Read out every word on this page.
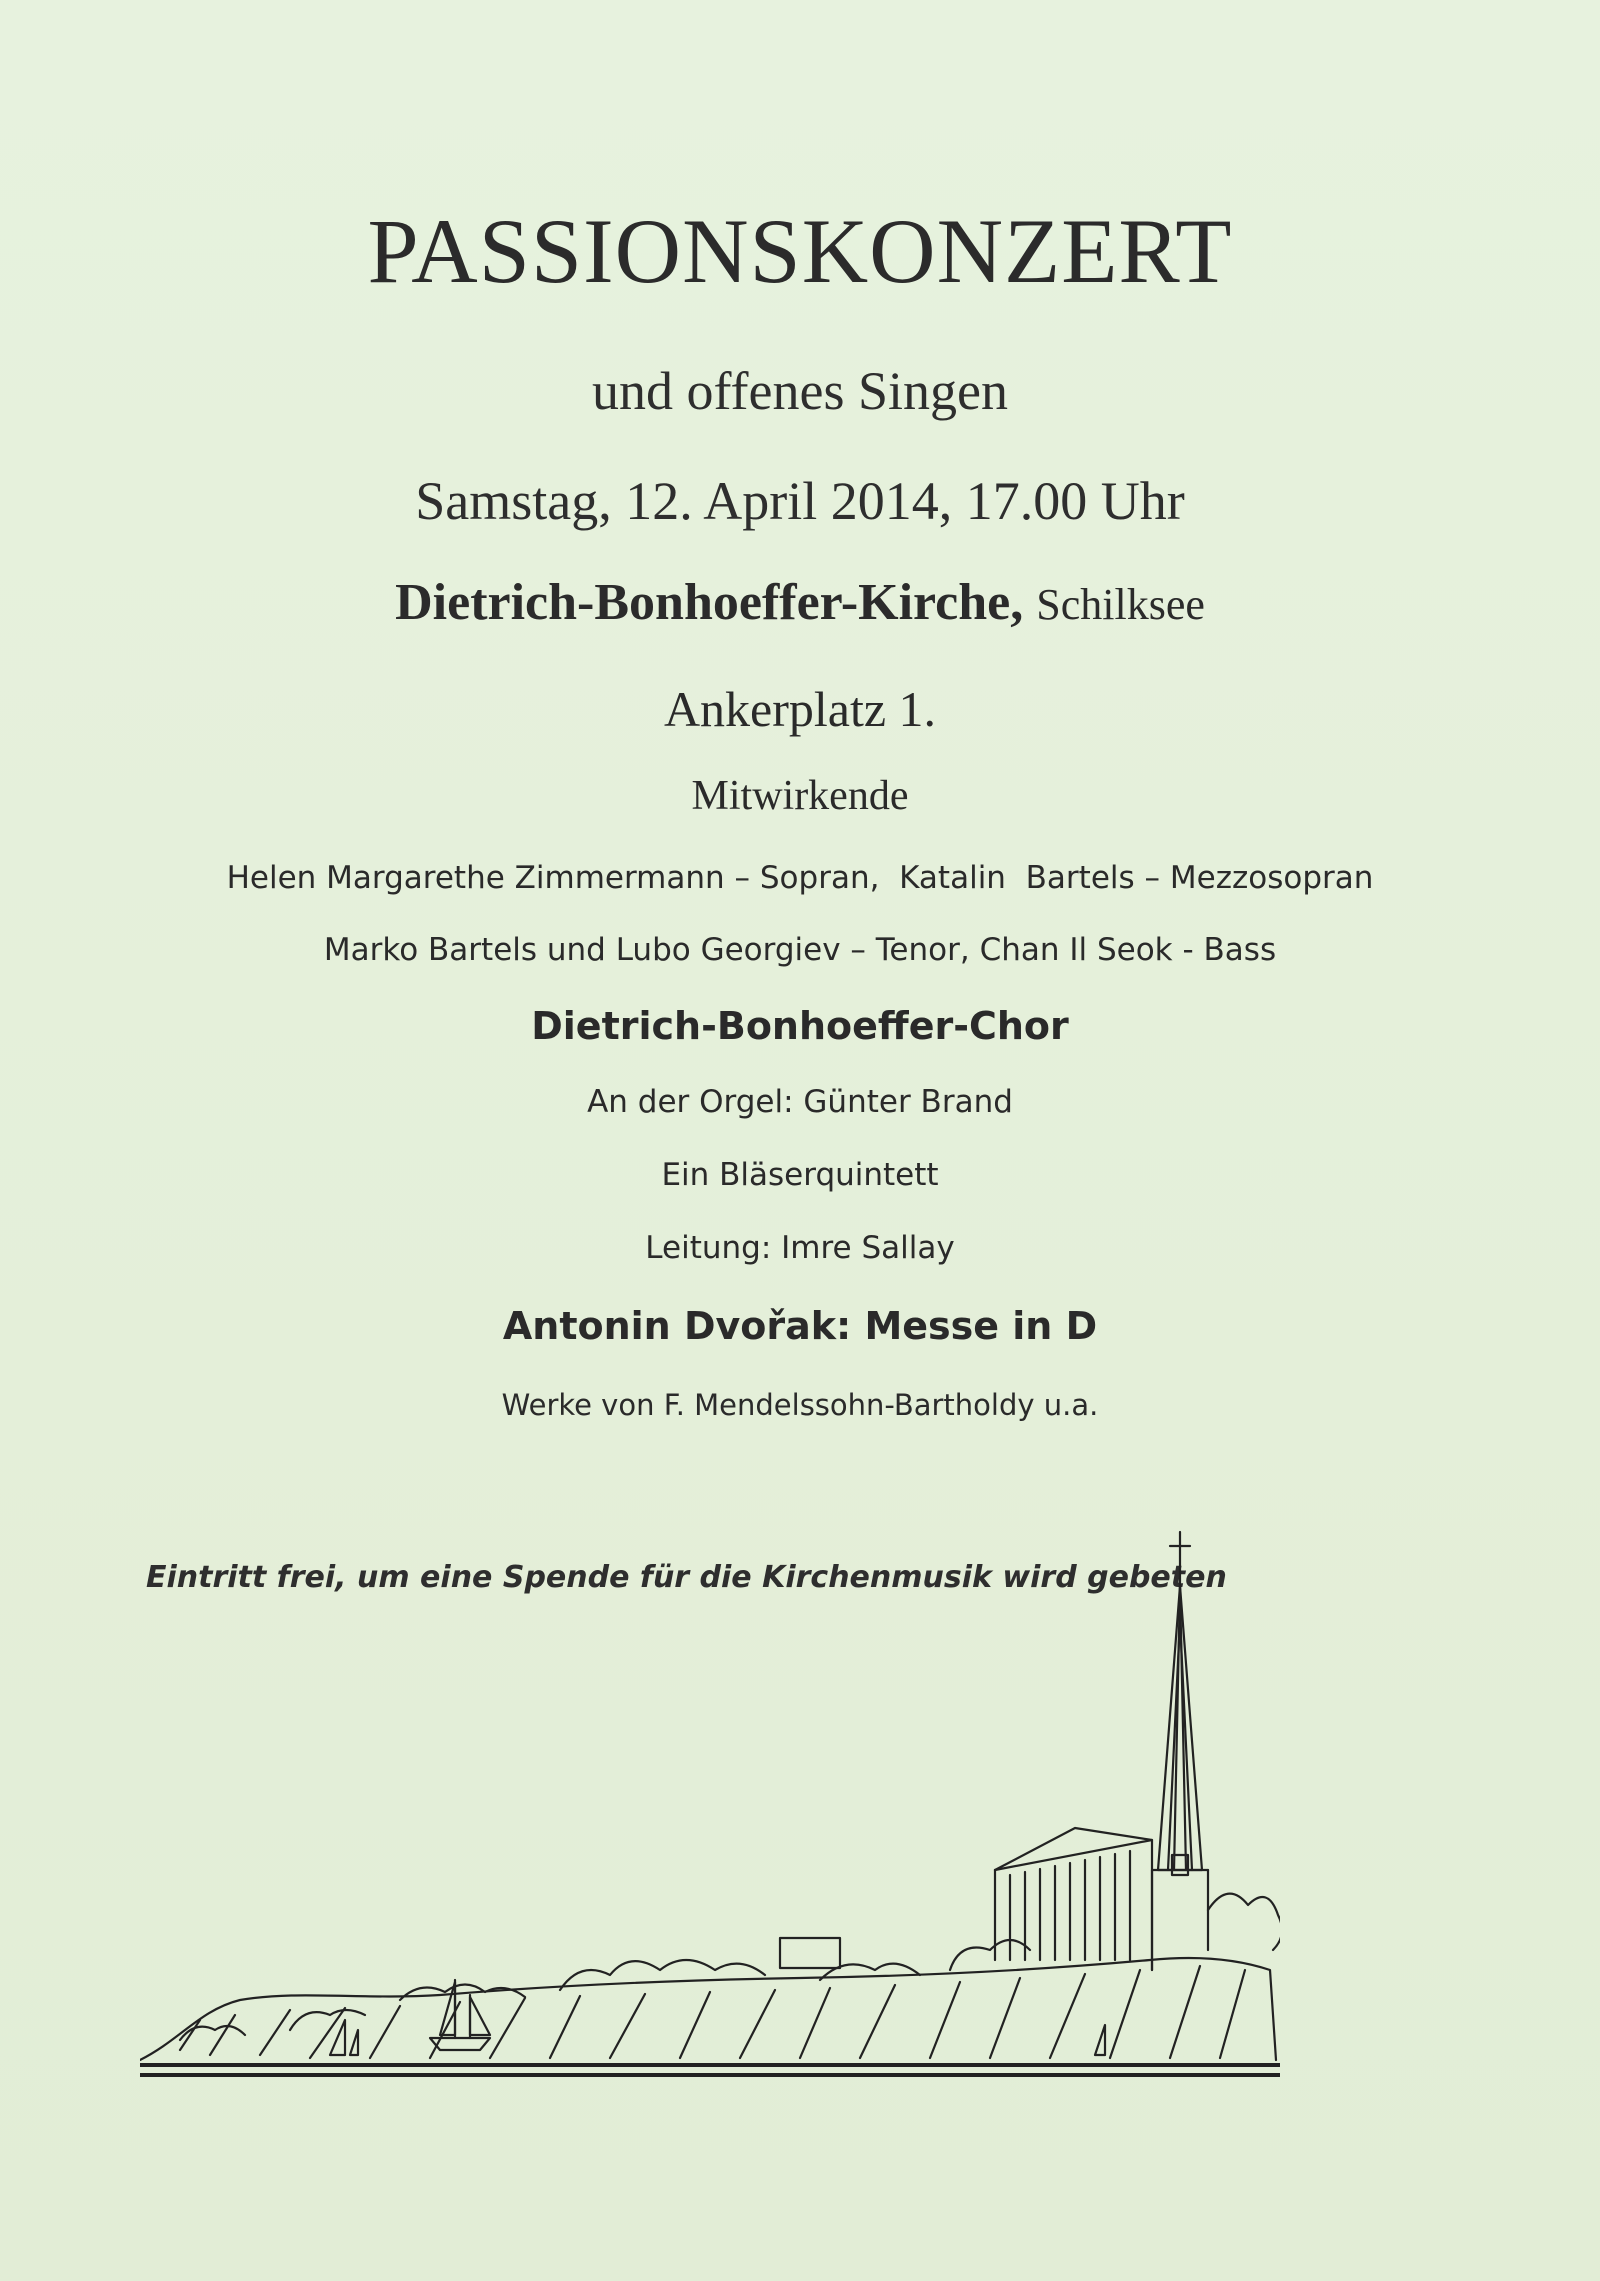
PASSIONSKONZERT
und offenes Singen
Samstag, 12. April 2014, 17.00 Uhr
Dietrich-Bonhoeffer-Kirche, Schilksee
Ankerplatz 1.
Mitwirkende
Helen Margarethe Zimmermann – Sopran,  Katalin  Bartels – Mezzosopran
Marko Bartels und Lubo Georgiev – Tenor, Chan Il Seok - Bass
Dietrich-Bonhoeffer-Chor
An der Orgel: Günter Brand
Ein Bläserquintett
Leitung: Imre Sallay
Antonin Dvořak: Messe in D
Werke von F. Mendelssohn-Bartholdy u.a.
Eintritt frei, um eine Spende für die Kirchenmusik wird gebeten
